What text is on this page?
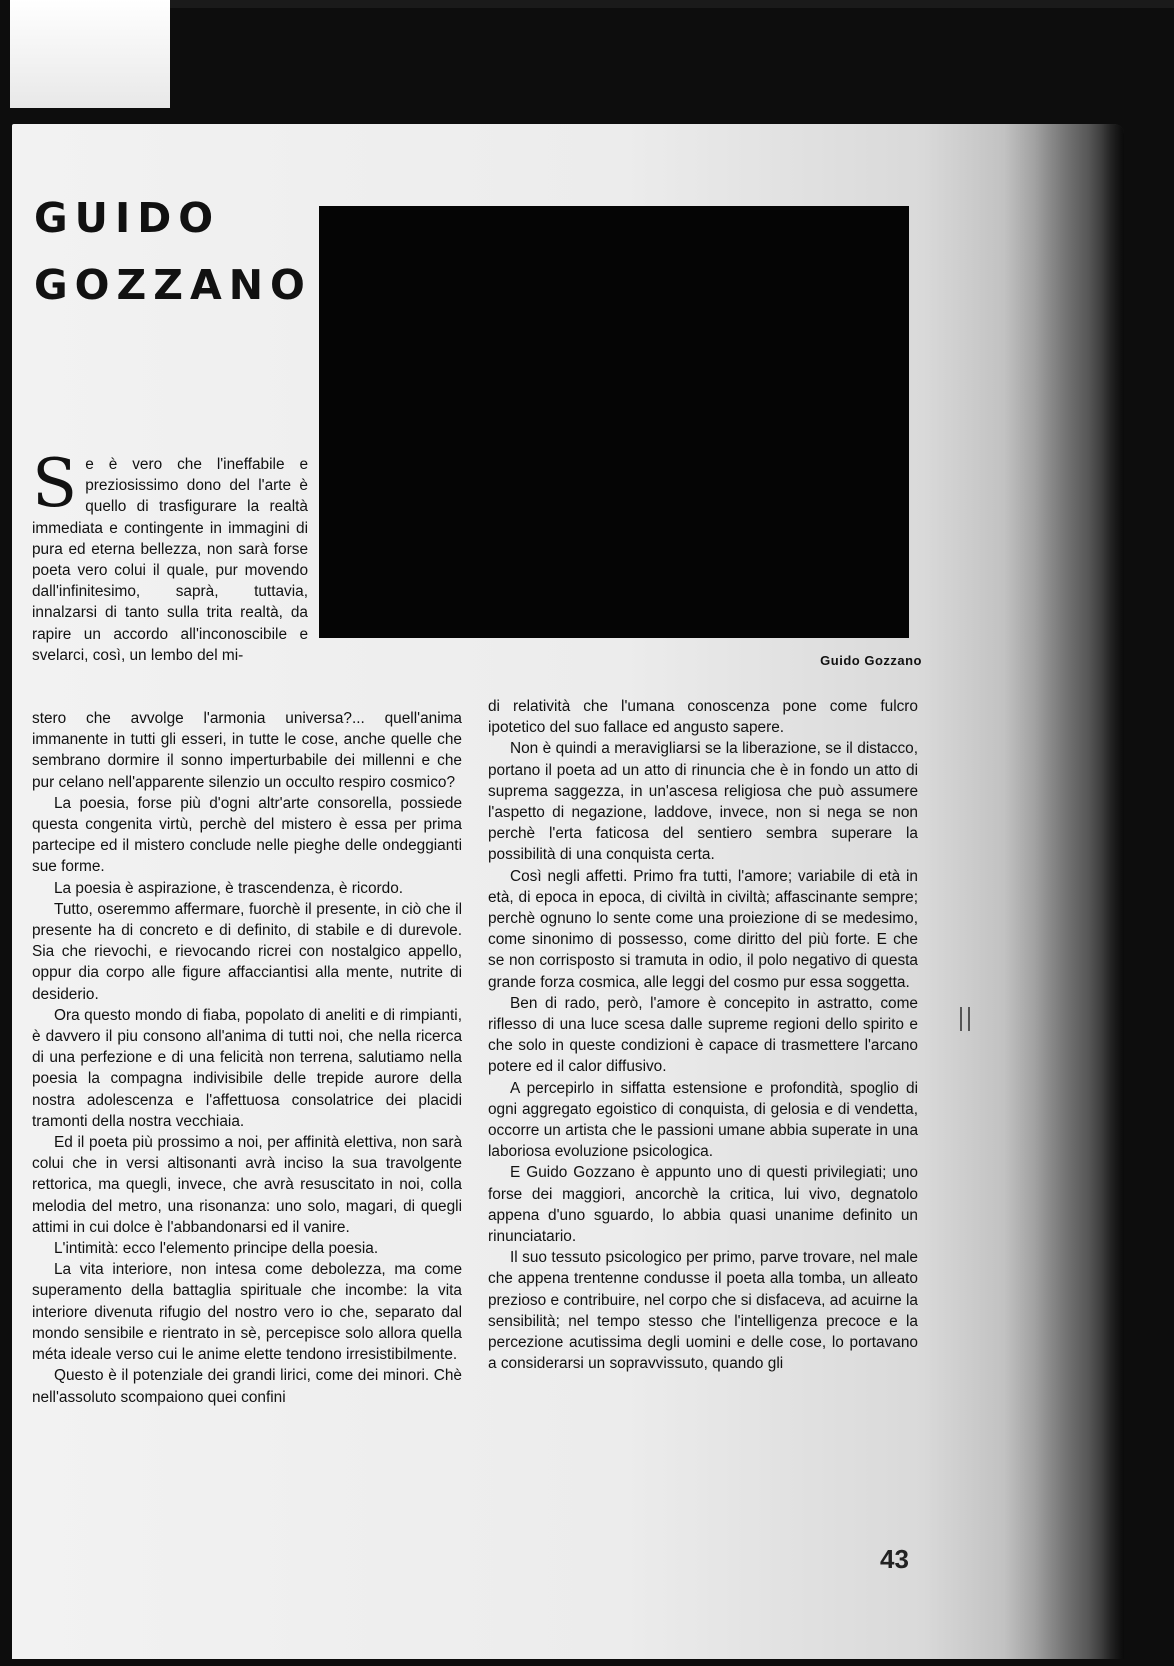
GUIDO
GOZZANO

Guido Gozzano

Se è vero che l'ineffabile e preziosissimo dono del l'arte è quello di trasfigurare la realtà immediata e contingente in immagini di pura ed eterna bellezza, non sarà forse poeta vero colui il quale, pur movendo dall'infinitesimo, saprà, tuttavia, innalzarsi di tanto sulla trita realtà, da rapire un accordo all'inconoscibile e svelarci, così, un lembo del mi-

stero che avvolge l'armonia universa?... quell'anima immanente in tutti gli esseri, in tutte le cose, anche quelle che sembrano dormire il sonno imperturbabile dei millenni e che pur celano nell'apparente silenzio un occulto respiro cosmico?

La poesia, forse più d'ogni altr'arte consorella, possiede questa congenita virtù, perchè del mistero è essa per prima partecipe ed il mistero conclude nelle pieghe delle ondeggianti sue forme.

La poesia è aspirazione, è trascendenza, è ricordo.

Tutto, oseremmo affermare, fuorchè il presente, in ciò che il presente ha di concreto e di definito, di stabile e di durevole. Sia che rievochi, e rievocando ricrei con nostalgico appello, oppur dia corpo alle figure affacciantisi alla mente, nutrite di desiderio.

Ora questo mondo di fiaba, popolato di aneliti e di rimpianti, è davvero il piu consono all'anima di tutti noi, che nella ricerca di una perfezione e di una felicità non terrena, salutiamo nella poesia la compagna indivisibile delle trepide aurore della nostra adolescenza e l'affettuosa consolatrice dei placidi tramonti della nostra vecchiaia.

Ed il poeta più prossimo a noi, per affinità elettiva, non sarà colui che in versi altisonanti avrà inciso la sua travolgente rettorica, ma quegli, invece, che avrà resuscitato in noi, colla melodia del metro, una risonanza: uno solo, magari, di quegli attimi in cui dolce è l'abbandonarsi ed il vanire.

L'intimità: ecco l'elemento principe della poesia.

La vita interiore, non intesa come debolezza, ma come superamento della battaglia spirituale che incombe: la vita interiore divenuta rifugio del nostro vero io che, separato dal mondo sensibile e rientrato in sè, percepisce solo allora quella méta ideale verso cui le anime elette tendono irresistibilmente.

Questo è il potenziale dei grandi lirici, come dei minori. Chè nell'assoluto scompaiono quei confini

di relatività che l'umana conoscenza pone come fulcro ipotetico del suo fallace ed angusto sapere.

Non è quindi a meravigliarsi se la liberazione, se il distacco, portano il poeta ad un atto di rinuncia che è in fondo un atto di suprema saggezza, in un'ascesa religiosa che può assumere l'aspetto di negazione, laddove, invece, non si nega se non perchè l'erta faticosa del sentiero sembra superare la possibilità di una conquista certa.

Così negli affetti. Primo fra tutti, l'amore; variabile di età in età, di epoca in epoca, di civiltà in civiltà; affascinante sempre; perchè ognuno lo sente come una proiezione di se medesimo, come sinonimo di possesso, come diritto del più forte. E che se non corrisposto si tramuta in odio, il polo negativo di questa grande forza cosmica, alle leggi del cosmo pur essa soggetta.

Ben di rado, però, l'amore è concepito in astratto, come riflesso di una luce scesa dalle supreme regioni dello spirito e che solo in queste condizioni è capace di trasmettere l'arcano potere ed il calor diffusivo.

A percepirlo in siffatta estensione e profondità, spoglio di ogni aggregato egoistico di conquista, di gelosia e di vendetta, occorre un artista che le passioni umane abbia superate in una laboriosa evoluzione psicologica.

E Guido Gozzano è appunto uno di questi privilegiati; uno forse dei maggiori, ancorchè la critica, lui vivo, degnatolo appena d'uno sguardo, lo abbia quasi unanime definito un rinunciatario.

Il suo tessuto psicologico per primo, parve trovare, nel male che appena trentenne condusse il poeta alla tomba, un alleato prezioso e contribuire, nel corpo che si disfaceva, ad acuirne la sensibilità; nel tempo stesso che l'intelligenza precoce e la percezione acutissima degli uomini e delle cose, lo portavano a considerarsi un sopravvissuto, quando gli

43
